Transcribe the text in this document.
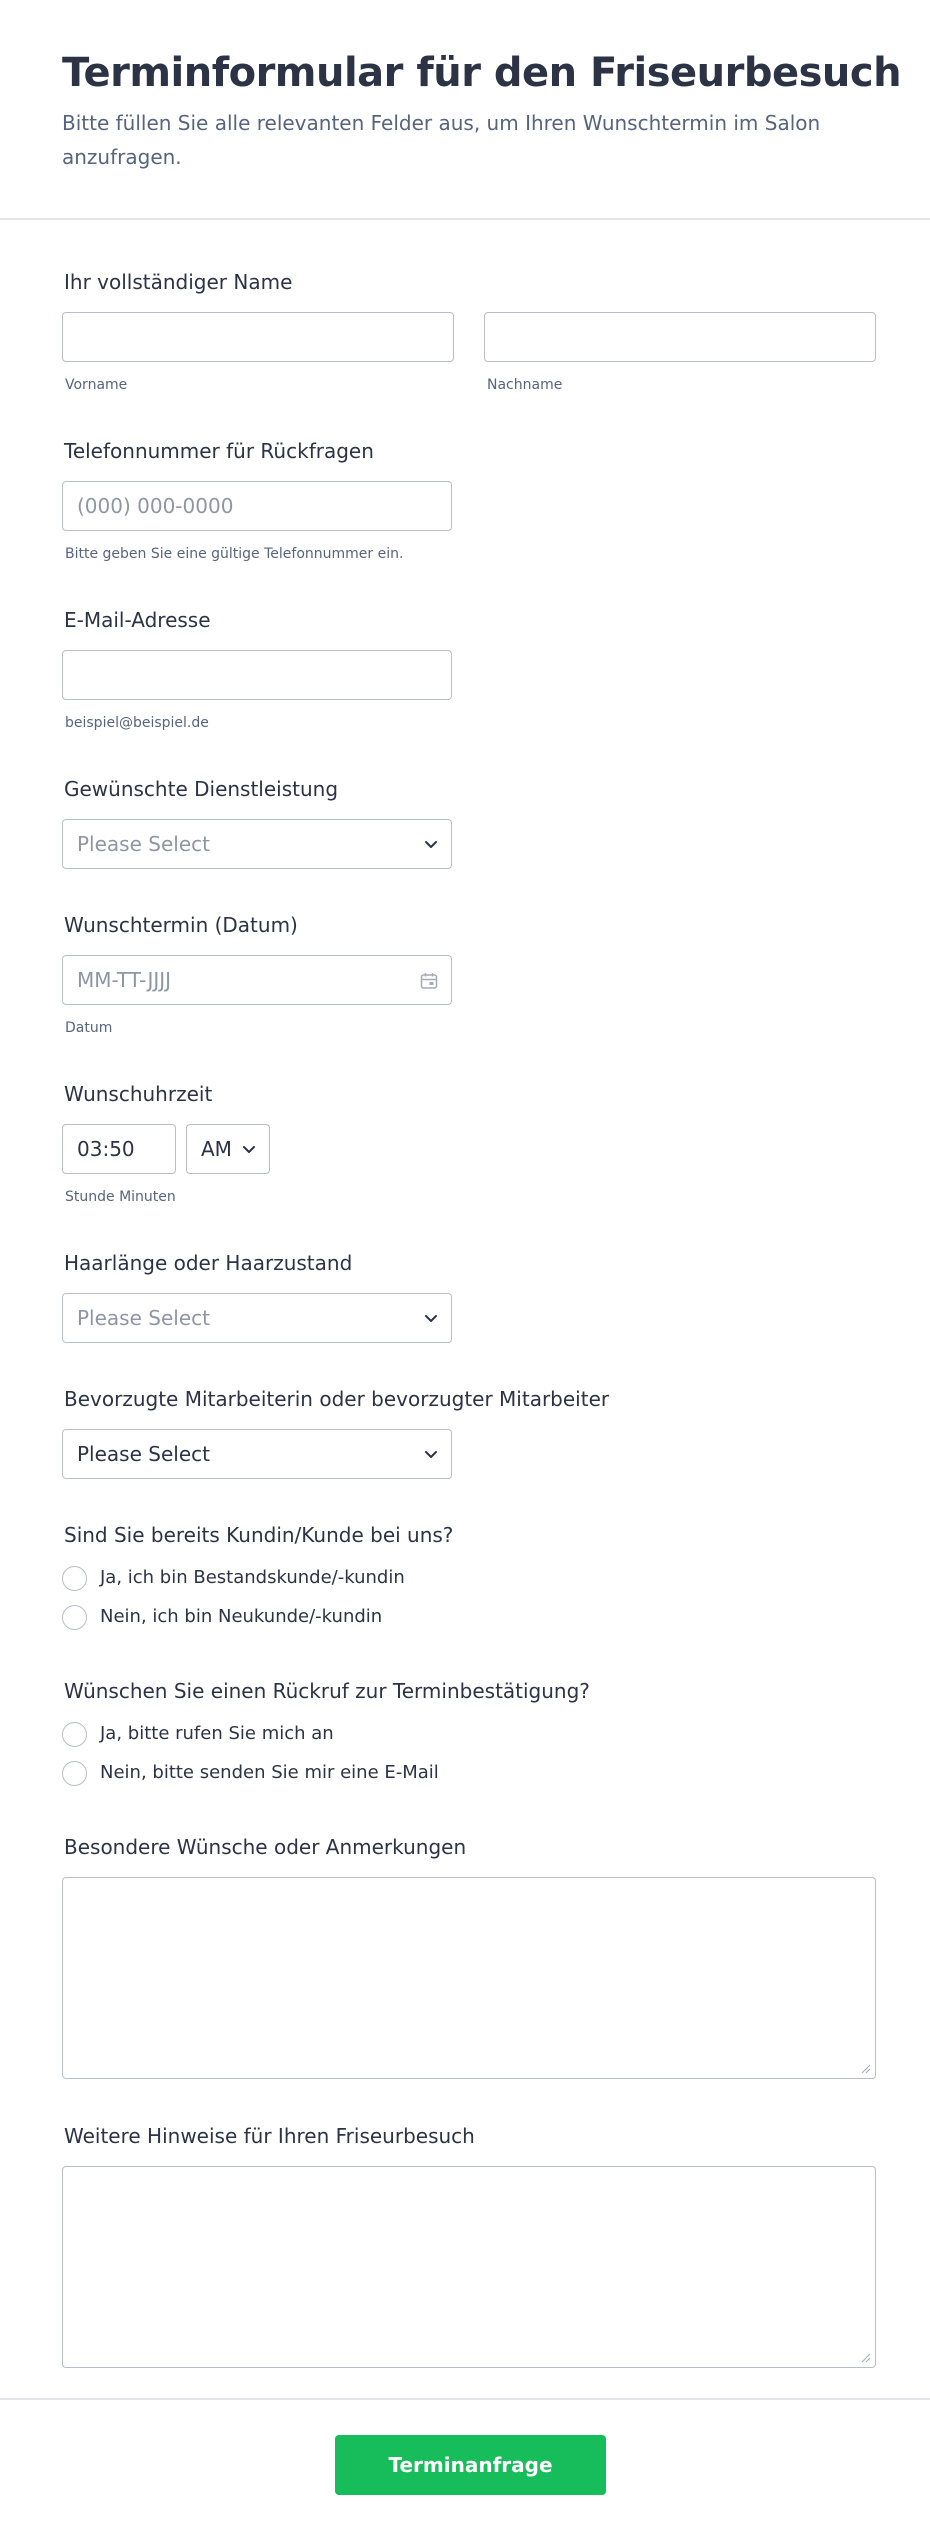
Terminformular für den Friseurbesuch

Bitte füllen Sie alle relevanten Felder aus, um Ihren Wunschtermin im Salon anzufragen.

Ihr vollständiger Name
Vorname	Nachname
Telefonnummer für Rückfragen
(000) 000-0000
Bitte geben Sie eine gültige Telefonnummer ein.
E-Mail-Adresse
beispiel@beispiel.de
Gewünschte Dienstleistung
Please Select
Wunschtermin (Datum)
MM-TT-JJJJ
Datum
Wunschuhrzeit
03:50	AM
Stunde Minuten
Haarlänge oder Haarzustand
Please Select
Bevorzugte Mitarbeiterin oder bevorzugter Mitarbeiter
Please Select
Sind Sie bereits Kundin/Kunde bei uns?
Ja, ich bin Bestandskunde/-kundin
Nein, ich bin Neukunde/-kundin
Wünschen Sie einen Rückruf zur Terminbestätigung?
Ja, bitte rufen Sie mich an
Nein, bitte senden Sie mir eine E-Mail
Besondere Wünsche oder Anmerkungen
Weitere Hinweise für Ihren Friseurbesuch
Terminanfrage absenden
